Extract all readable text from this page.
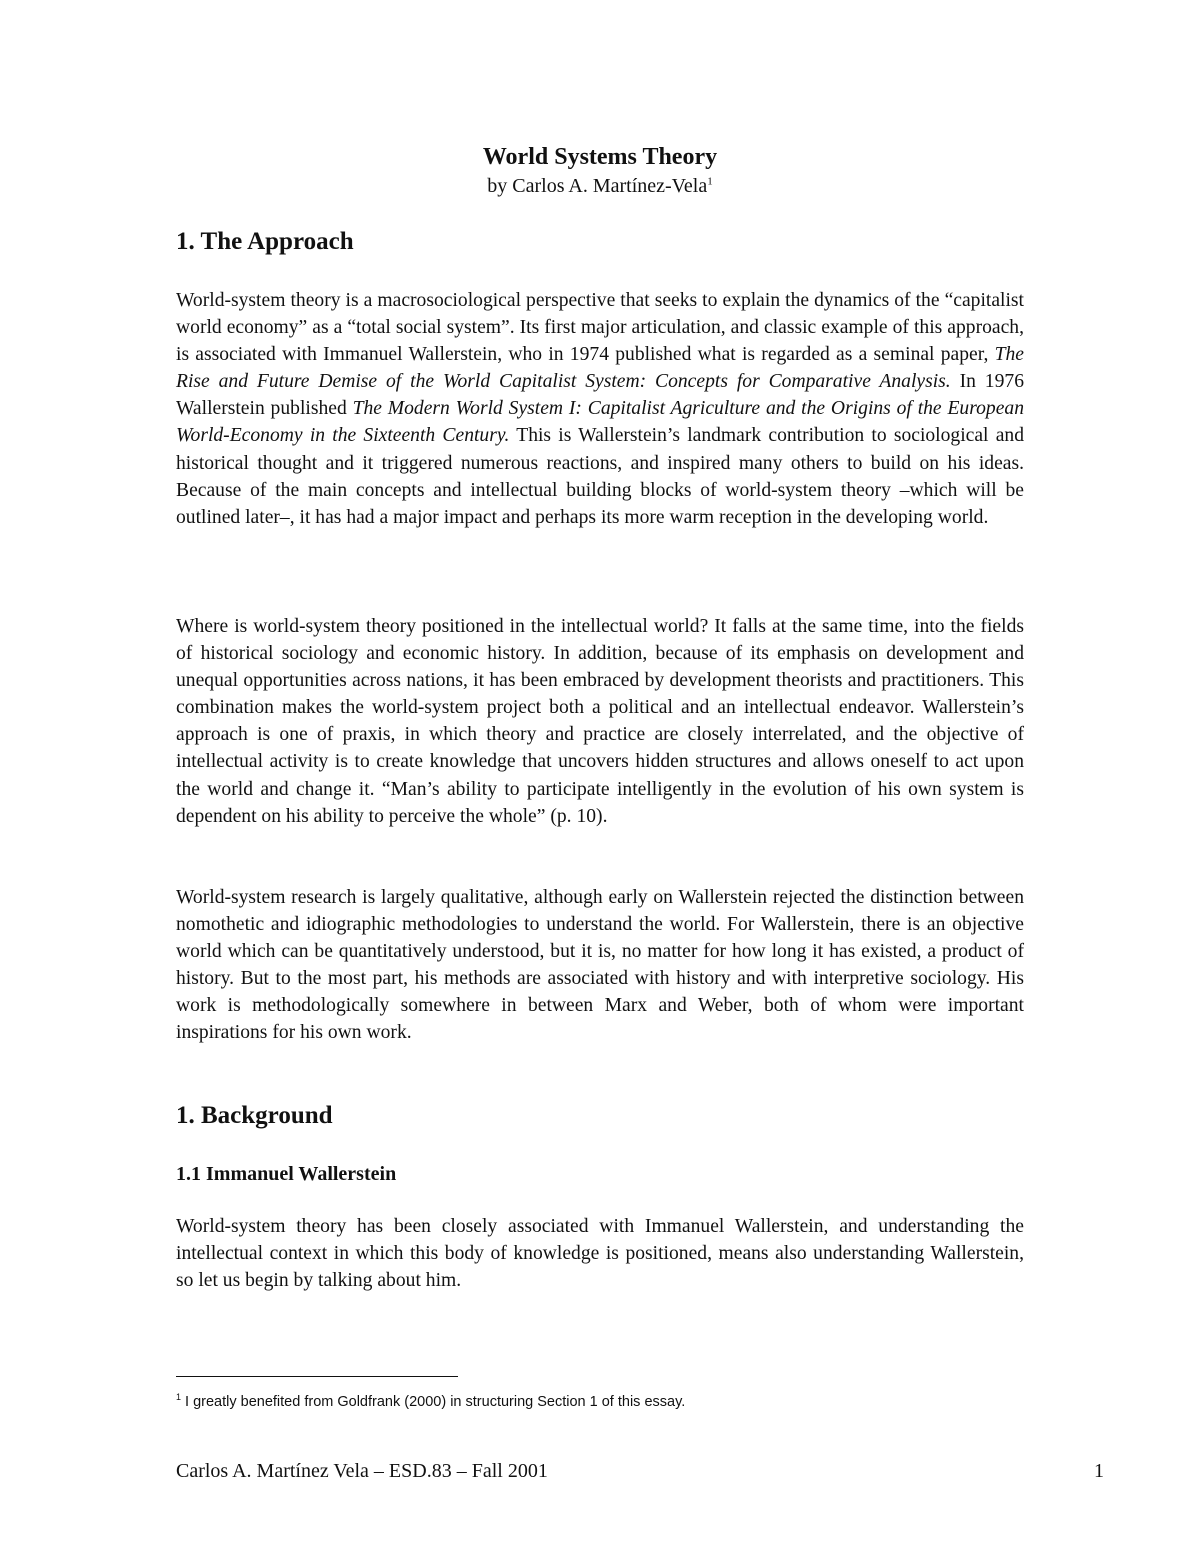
World Systems Theory
by Carlos A. Martínez-Vela$^1$
1. The Approach

World-system theory is a macrosociological perspective that seeks to explain the dynamics of the “capitalist world economy” as a “total social system”. Its first major articulation, and classic example of this approach, is associated with Immanuel Wallerstein, who in 1974 published what is regarded as a seminal paper, The Rise and Future Demise of the World Capitalist System: Concepts for Comparative Analysis. In 1976 Wallerstein published The Modern World System I: Capitalist Agriculture and the Origins of the European World-Economy in the Sixteenth Century. This is Wallerstein’s landmark contribution to sociological and historical thought and it triggered numerous reactions, and inspired many others to build on his ideas. Because of the main concepts and intellectual building blocks of world-system theory –which will be outlined later–, it has had a major impact and perhaps its more warm reception in the developing world.

Where is world-system theory positioned in the intellectual world? It falls at the same time, into the fields of historical sociology and economic history. In addition, because of its emphasis on development and unequal opportunities across nations, it has been embraced by development theorists and practitioners. This combination makes the world-system project both a political and an intellectual endeavor. Wallerstein’s approach is one of praxis, in which theory and practice are closely interrelated, and the objective of intellectual activity is to create knowledge that uncovers hidden structures and allows oneself to act upon the world and change it. “Man’s ability to participate intelligently in the evolution of his own system is dependent on his ability to perceive the whole” (p. 10).

World-system research is largely qualitative, although early on Wallerstein rejected the distinction between nomothetic and idiographic methodologies to understand the world. For Wallerstein, there is an objective world which can be quantitatively understood, but it is, no matter for how long it has existed, a product of history. But to the most part, his methods are associated with history and with interpretive sociology. His work is methodologically somewhere in between Marx and Weber, both of whom were important inspirations for his own work.

1. Background
1.1 Immanuel Wallerstein

World-system theory has been closely associated with Immanuel Wallerstein, and understanding the intellectual context in which this body of knowledge is positioned, means also understanding Wallerstein, so let us begin by talking about him.

$^1$ I greatly benefited from Goldfrank (2000) in structuring Section 1 of this essay.
Carlos A. Martínez Vela – ESD.83 – Fall 2001	1
